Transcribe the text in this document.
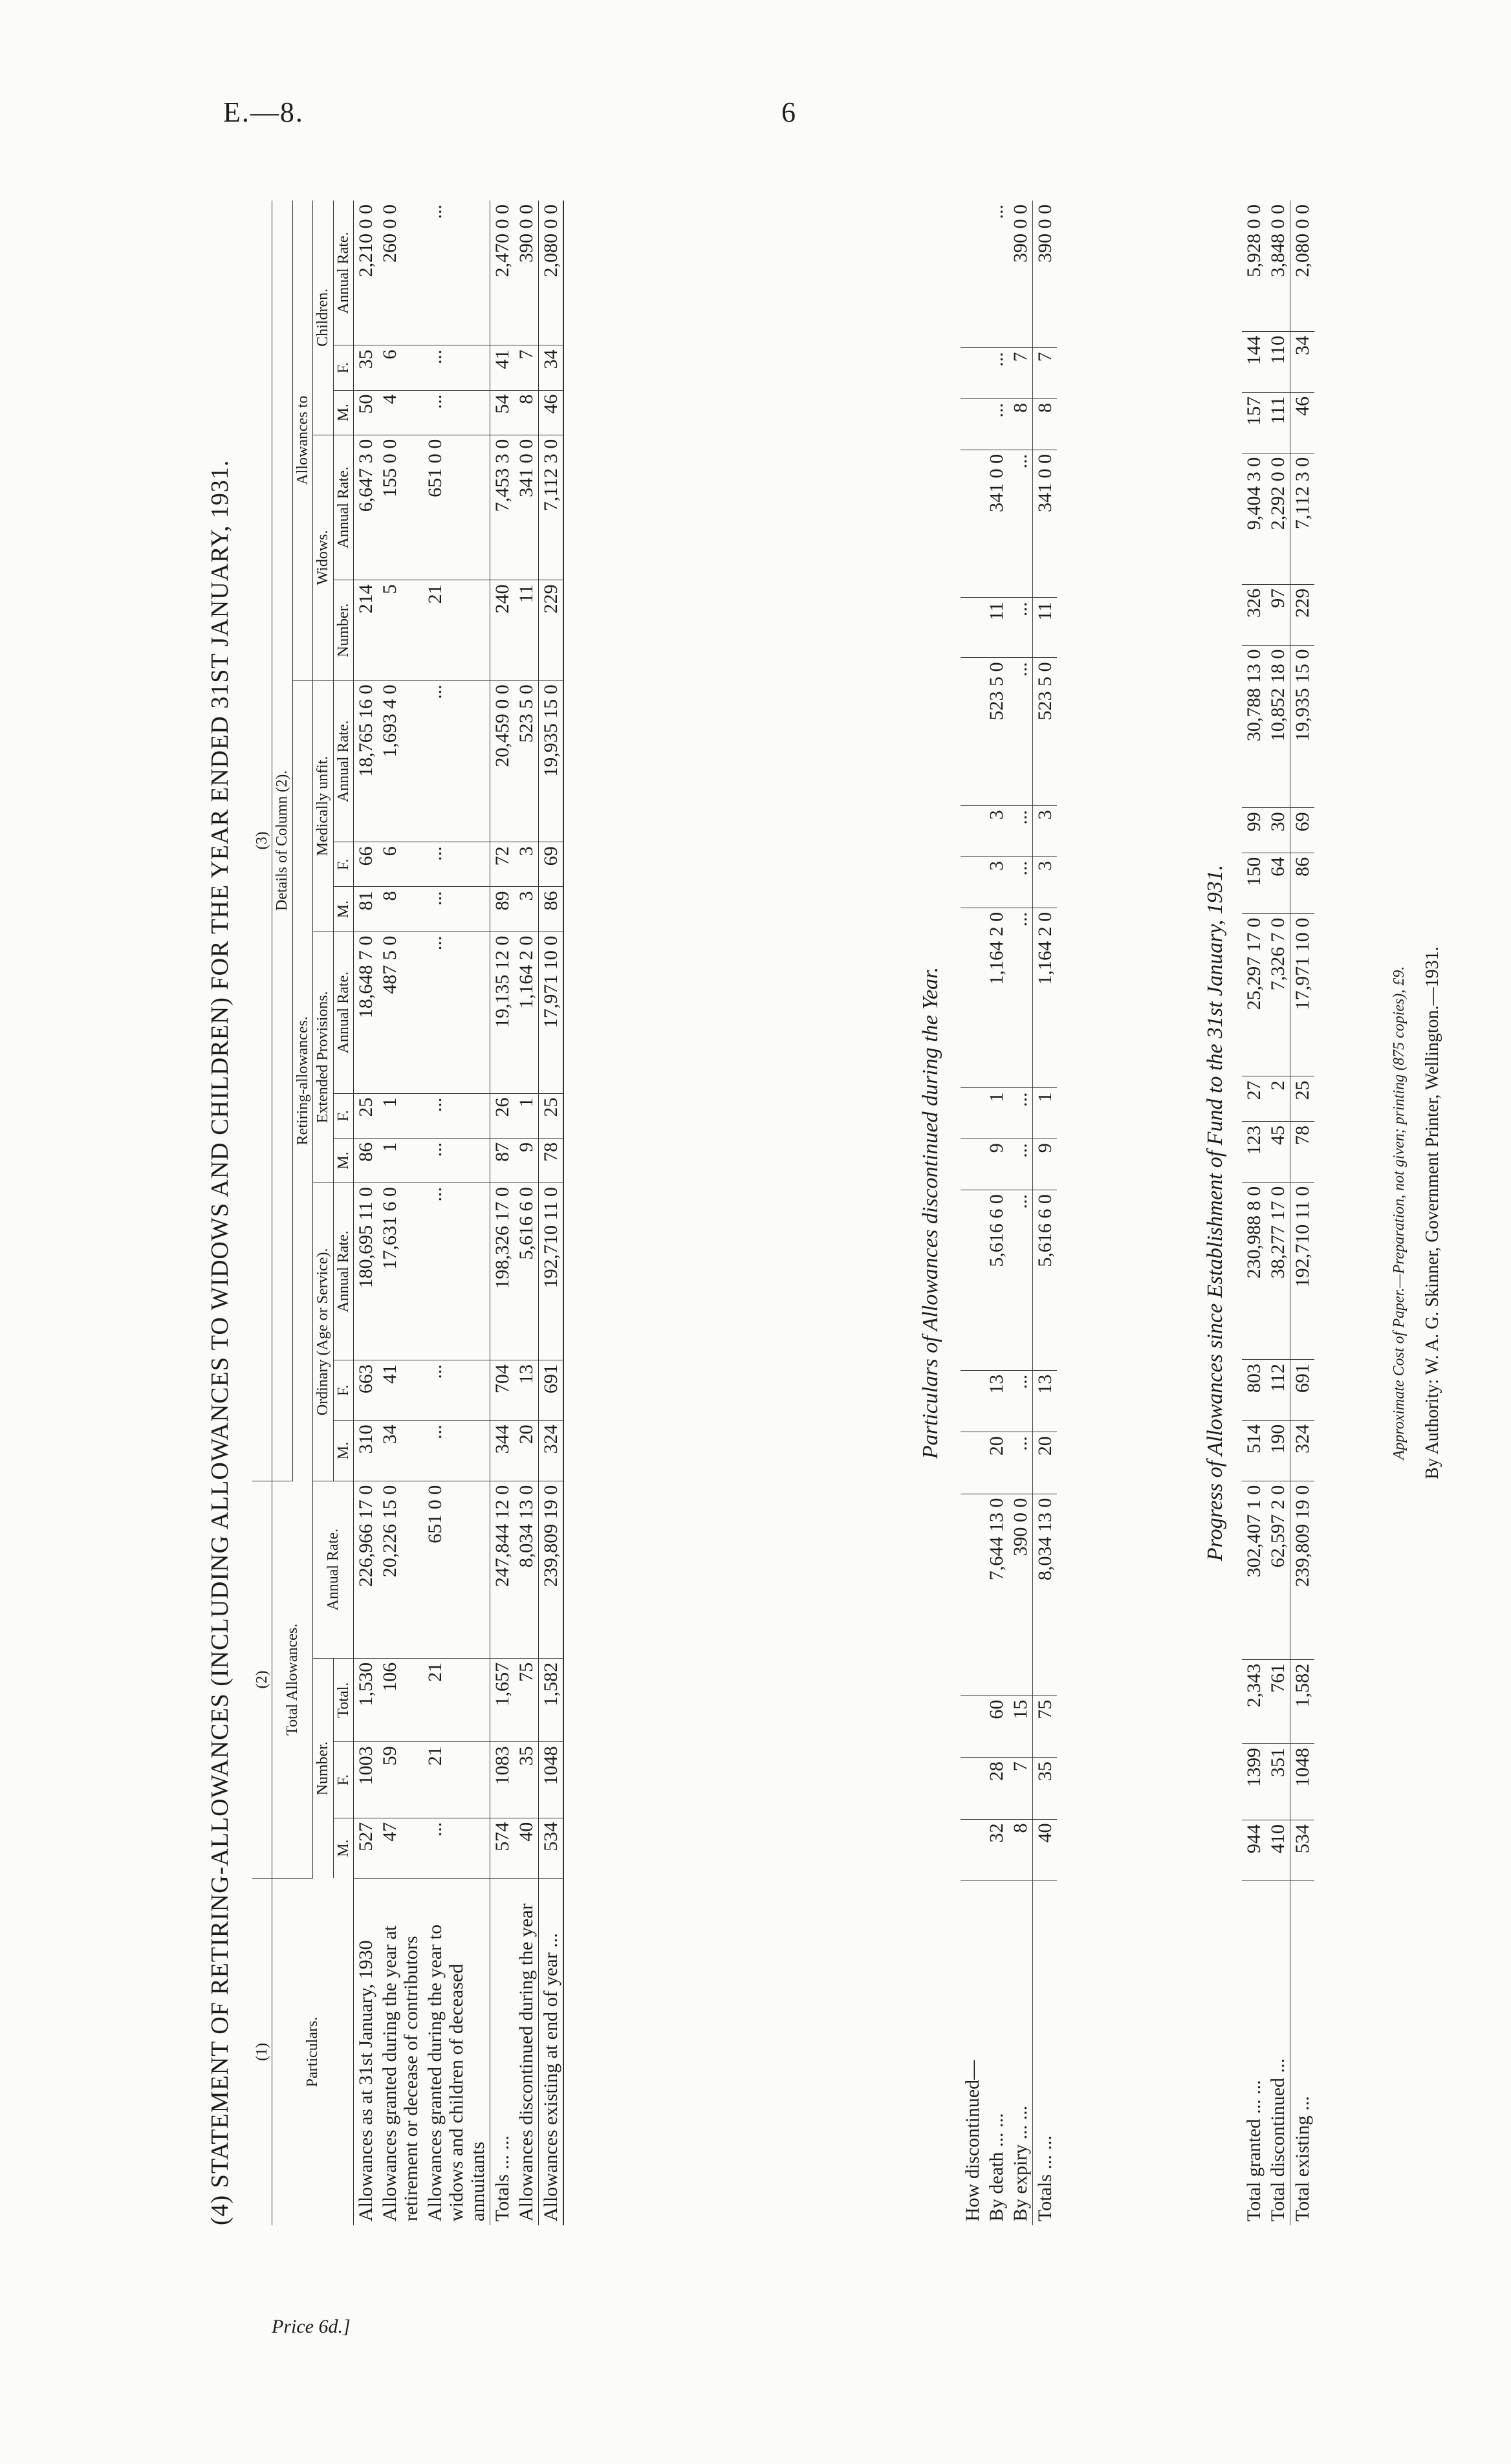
E.—8.	6
Price 6d.]
(4) STATEMENT OF RETIRING-ALLOWANCES (INCLUDING ALLOWANCES TO WIDOWS AND CHILDREN) FOR THE YEAR ENDED 31ST JANUARY, 1931. (1)	(2)				(3)													
Particulars.	Total Allowances.				Details of Column (2).													
					Retiring-allowances.									Allowances to				
	Number.			Annual Rate.	Ordinary (Age or Service).			Extended Provisions.			Medically unfit.			Widows.		Children.		
	M.	F.	Total.		M.	F.	Annual Rate.	M.	F.	Annual Rate.	M.	F.	Annual Rate.	Number.	Annual Rate.	M.	F.	Annual Rate.
Allowances as at 31st January, 1930	527	1003	1,530	226,966 17 0	310	663	180,695 11 0	86	25	18,648 7 0	81	66	18,765 16 0	214	6,647 3 0	50	35	2,210 0 0
Allowances granted during the year at retirement or decease of contributors	47	59	106	20,226 15 0	34	41	17,631 6 0	1	1	487 5 0	8	6	1,693 4 0	5	155 0 0	4	6	260 0 0
Allowances granted during the year to widows and children of deceased annuitants	...	21	21	651 0 0	...	...	...	...	...	...	...	...	...	21	651 0 0	...	...	...
Totals ... ...	574	1083	1,657	247,844 12 0	344	704	198,326 17 0	87	26	19,135 12 0	89	72	20,459 0 0	240	7,453 3 0	54	41	2,470 0 0
Allowances discontinued during the year	40	35	75	8,034 13 0	20	13	5,616 6 0	9	1	1,164 2 0	3	3	523 5 0	11	341 0 0	8	7	390 0 0
Allowances existing at end of year ...	534	1048	1,582	239,809 19 0	324	691	192,710 11 0	78	25	17,971 10 0	86	69	19,935 15 0	229	7,112 3 0	46	34	2,080 0 0
Particulars of Allowances discontinued during the Year.
How discontinued—																		
By death ... ...	32	28	60	7,644 13 0	20	13	5,616 6 0	9	1	1,164 2 0	3	3	523 5 0	11	341 0 0	...	...	...
By expiry ... ...	8	7	15	390 0 0	...	...	...	...	...	...	...	...	...	...	...	8	7	390 0 0
Totals ... ...	40	35	75	8,034 13 0	20	13	5,616 6 0	9	1	1,164 2 0	3	3	523 5 0	11	341 0 0	8	7	390 0 0
Progress of Allowances since Establishment of Fund to the 31st January, 1931.
Total granted ... ...	944	1399	2,343	302,407 1 0	514	803	230,988 8 0	123	27	25,297 17 0	150	99	30,788 13 0	326	9,404 3 0	157	144	5,928 0 0
Total discontinued ...	410	351	761	62,597 2 0	190	112	38,277 17 0	45	2	7,326 7 0	64	30	10,852 18 0	97	2,292 0 0	111	110	3,848 0 0
Total existing ...	534	1048	1,582	239,809 19 0	324	691	192,710 11 0	78	25	17,971 10 0	86	69	19,935 15 0	229	7,112 3 0	46	34	2,080 0 0
Approximate Cost of Paper.—Preparation, not given; printing (875 copies), £9. By Authority: W. A. G. Skinner, Government Printer, Wellington.—1931.
